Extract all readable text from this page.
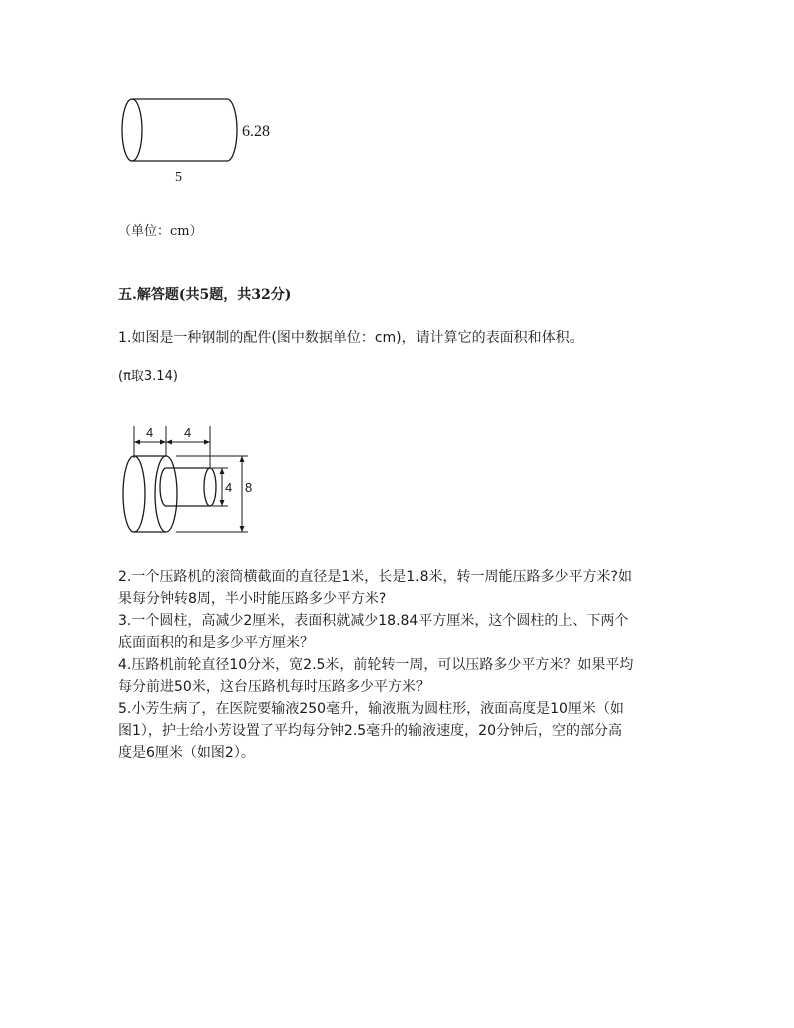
6.28
5
（单位：cm）
五.解答题(共5题，共32分)
1.如图是一种钢制的配件(图中数据单位：cm)，请计算它的表面积和体积。
(π取3.14)
4 4
4 8
2.一个压路机的滚筒横截面的直径是1米，长是1.8米，转一周能压路多少平方米?如
果每分钟转8周，半小时能压路多少平方米?
3.一个圆柱，高减少2厘米，表面积就减少18.84平方厘米，这个圆柱的上、下两个
底面面积的和是多少平方厘米？
4.压路机前轮直径10分米，宽2.5米，前轮转一周，可以压路多少平方米？如果平均
每分前进50米，这台压路机每时压路多少平方米？
5.小芳生病了，在医院要输液250毫升，输液瓶为圆柱形，液面高度是10厘米（如
图1），护士给小芳设置了平均每分钟2.5毫升的输液速度，20分钟后，空的部分高
度是6厘米（如图2）。
